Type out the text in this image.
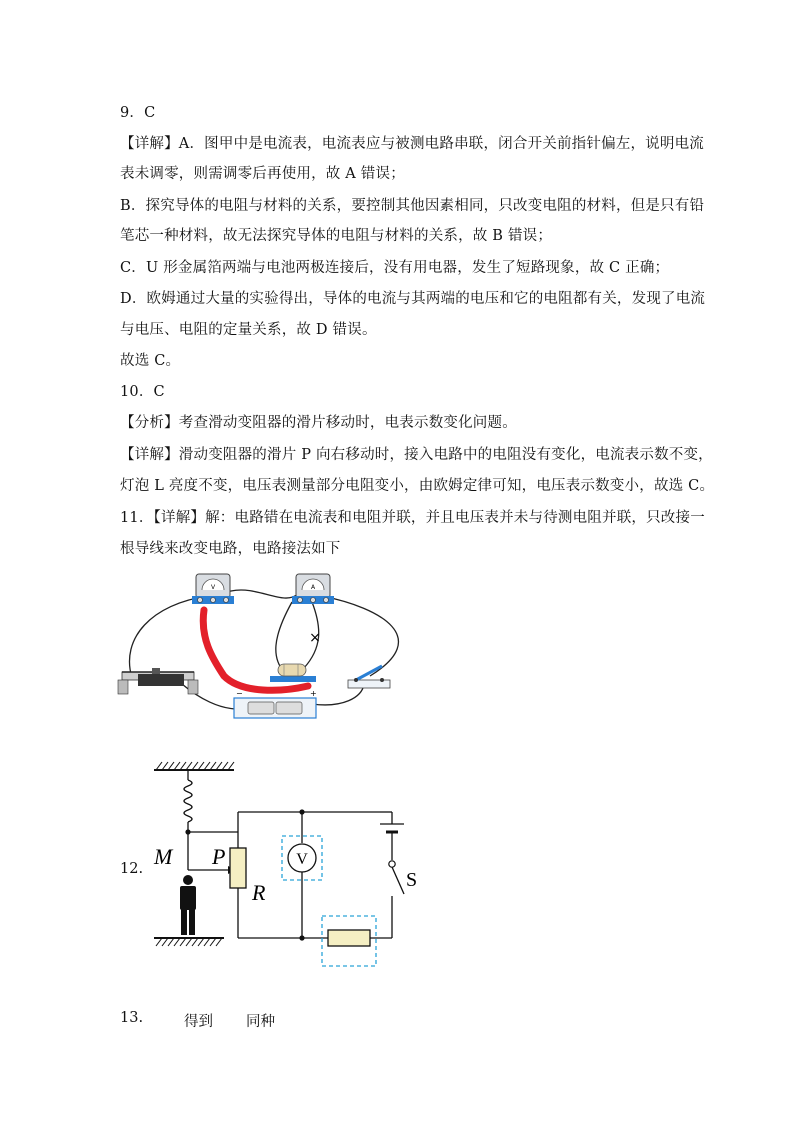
9．C
【详解】A．图甲中是电流表，电流表应与被测电路串联，闭合开关前指针偏左，说明电流
表未调零，则需调零后再使用，故 A 错误；
B．探究导体的电阻与材料的关系，要控制其他因素相同，只改变电阻的材料，但是只有铅
笔芯一种材料，故无法探究导体的电阻与材料的关系，故 B 错误；
C．U 形金属箔两端与电池两极连接后，没有用电器，发生了短路现象，故 C 正确；
D．欧姆通过大量的实验得出，导体的电流与其两端的电压和它的电阻都有关，发现了电流
与电压、电阻的定量关系，故 D 错误。
故选 C。
10．C
【分析】考查滑动变阻器的滑片移动时，电表示数变化问题。
【详解】滑动变阻器的滑片 P 向右移动时，接入电路中的电阻没有变化，电流表示数不变，
灯泡 L 亮度不变，电压表测量部分电阻变小，由欧姆定律可知，电压表示数变小，故选 C。
11．【详解】解：电路错在电流表和电阻并联，并且电压表并未与待测电阻并联，只改接一
根导线来改变电路，电路接法如下
V	A
×
−	+
12.
V
S
M P
R
13.	得到 同种
